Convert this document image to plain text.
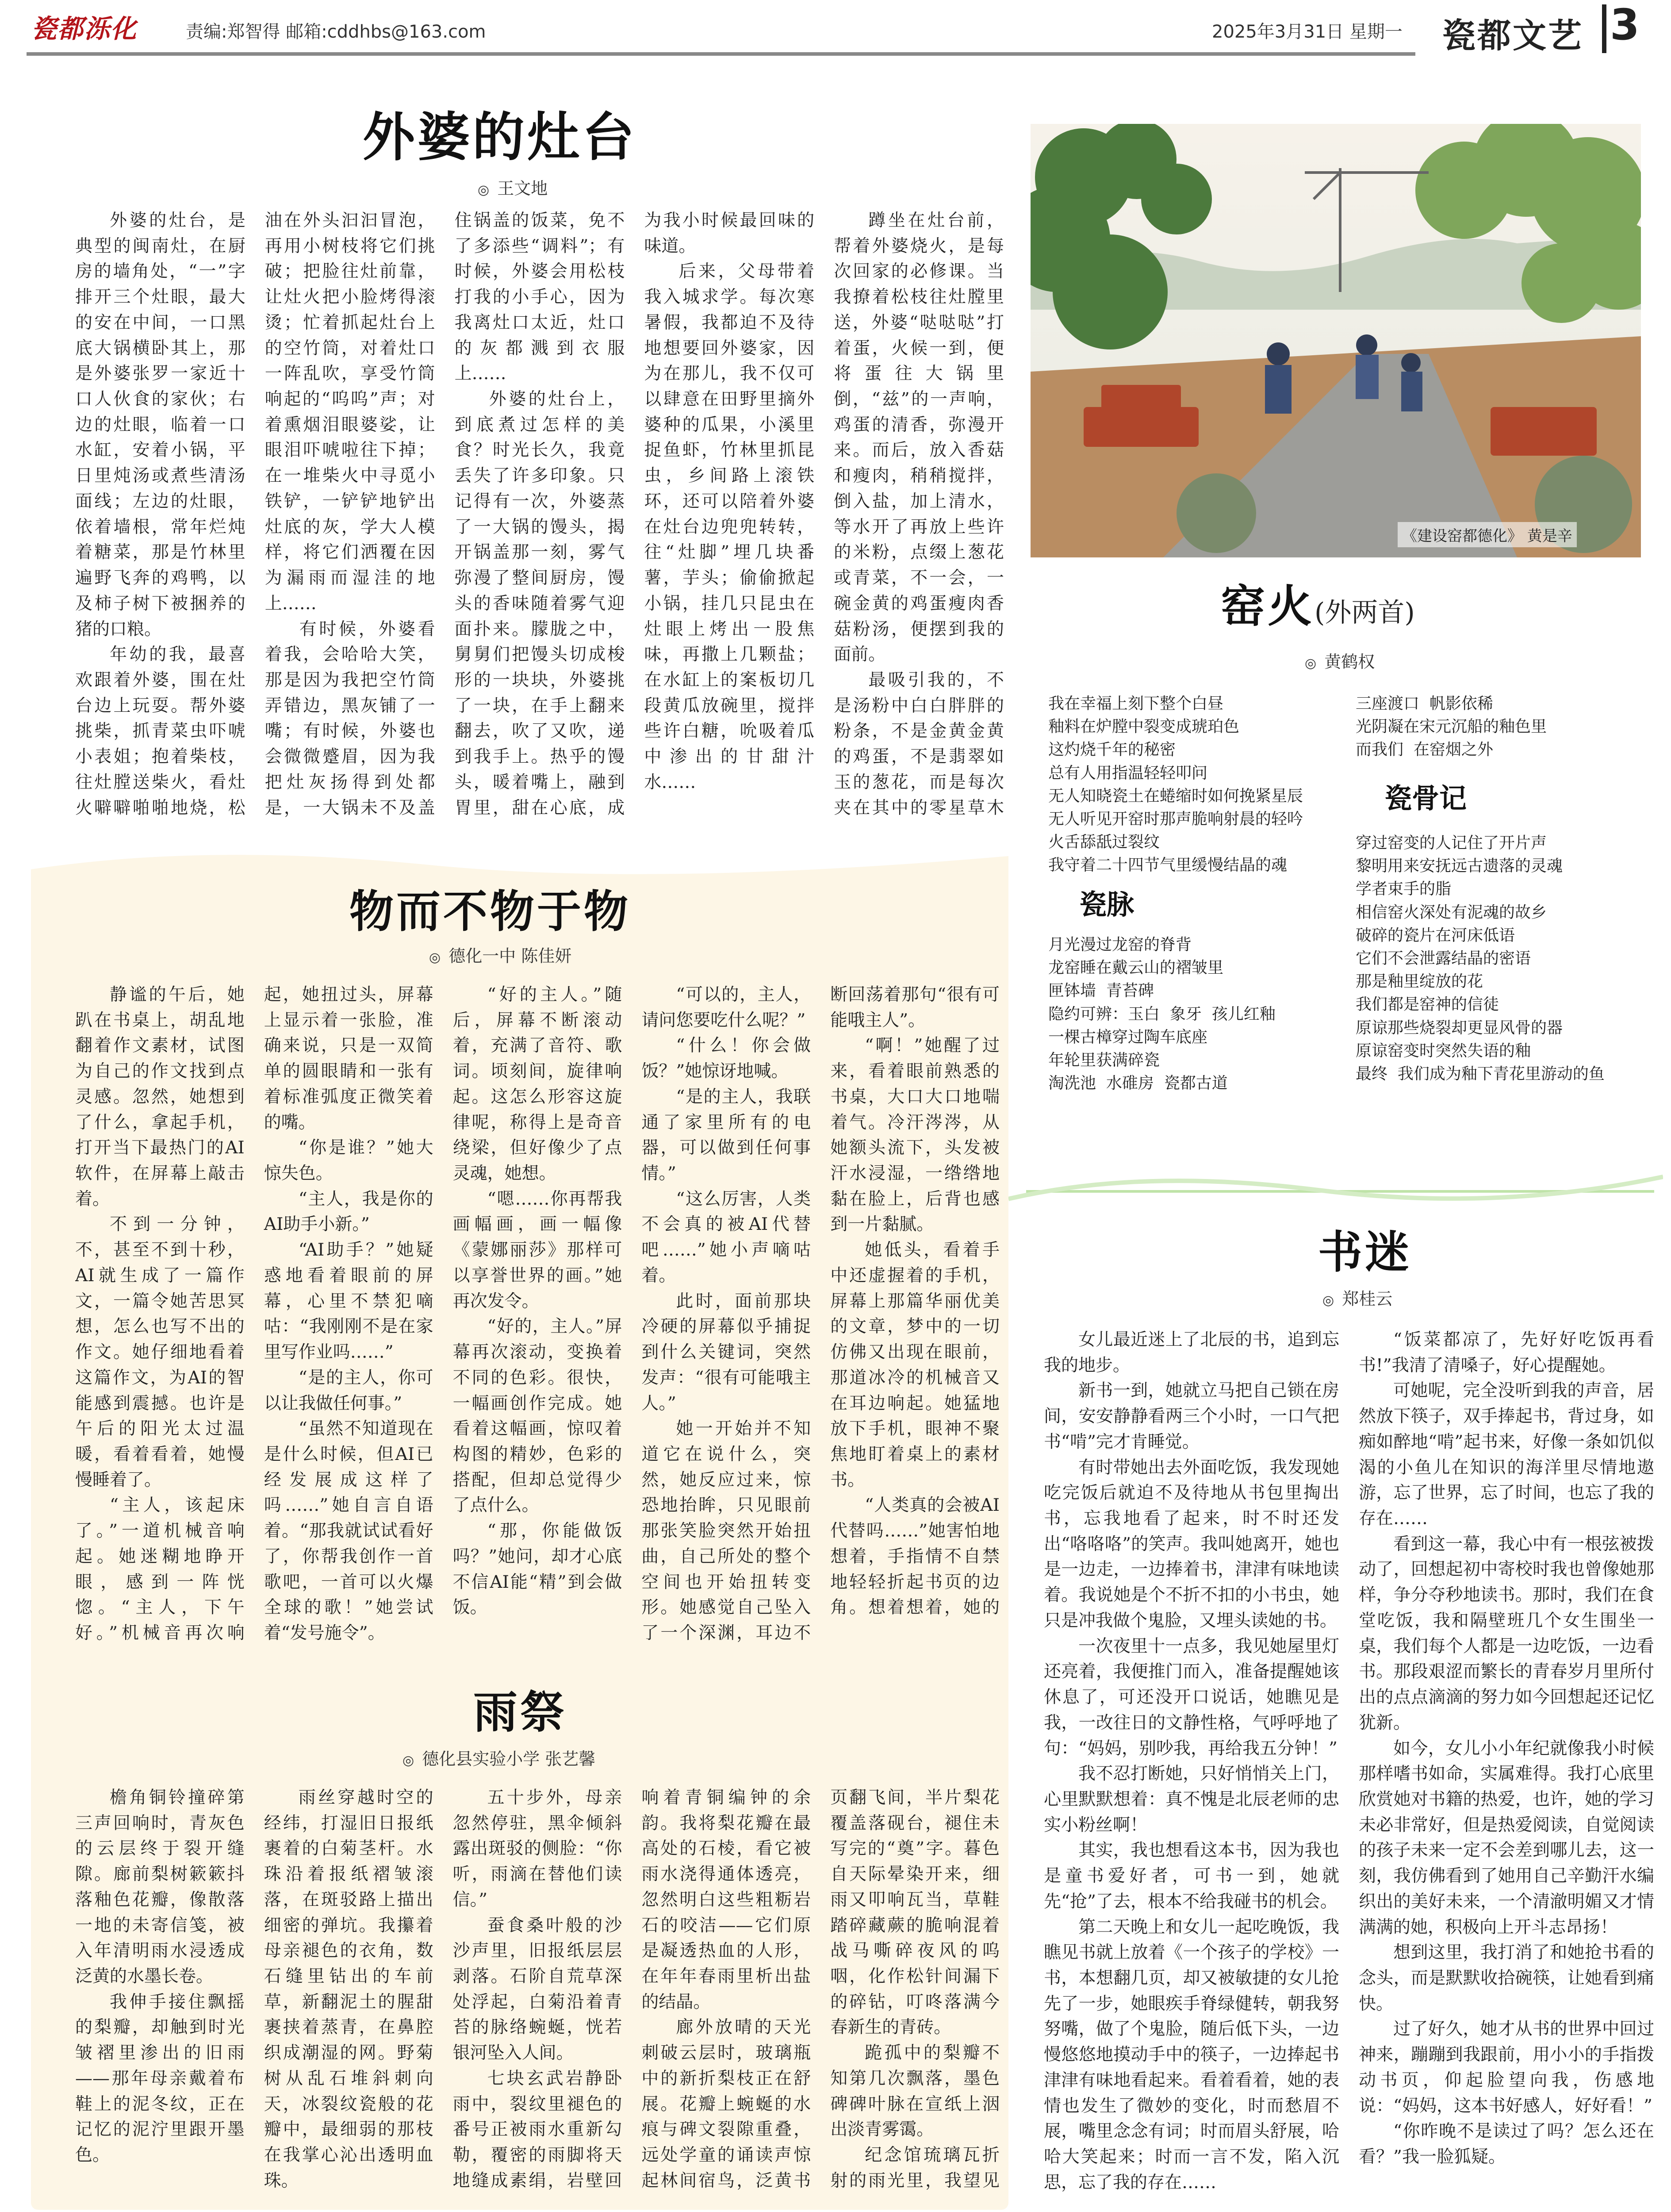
瓷都泺化	责编:郑智得 邮箱:cddhbs@163.com	2025年3月31日 星期一 瓷都文艺 3
外婆的灶台
◎ 王文地

外婆的灶台，是典型的闽南灶，在厨房的墙角处，“一”字排开三个灶眼，最大的安在中间，一口黑底大锅横卧其上，那是外婆张罗一家近十口人伙食的家伙；右边的灶眼，临着一口水缸，安着小锅，平日里炖汤或煮些清汤面线；左边的灶眼，依着墙根，常年烂炖着糖菜，那是竹林里遍野飞奔的鸡鸭，以及柿子树下被捆养的猪的口粮。

年幼的我，最喜欢跟着外婆，围在灶台边上玩耍。帮外婆挑柴，抓青菜虫吓唬小表姐；抱着柴枝，往灶膛送柴火，看灶火噼噼啪啪地烧，松油在外头汩汩冒泡，再用小树枝将它们挑破；把脸往灶前靠，让灶火把小脸烤得滚烫；忙着抓起灶台上的空竹筒，对着灶口一阵乱吹，享受竹筒响起的“呜呜”声；对着熏烟泪眼婆娑，让眼泪吓唬啦往下掉；在一堆柴火中寻觅小铁铲，一铲铲地铲出灶底的灰，学大人模样，将它们洒覆在因为漏雨而湿洼的地上……

有时候，外婆看着我，会哈哈大笑，那是因为我把空竹筒弄错边，黑灰铺了一嘴；有时候，外婆也会微微蹙眉，因为我把灶灰扬得到处都是，一大锅未不及盖住锅盖的饭菜，免不了多添些“调料”；有时候，外婆会用松枝打我的小手心，因为我离灶口太近，灶口的灰都溅到衣服上……

外婆的灶台上，到底煮过怎样的美食？时光长久，我竟丢失了许多印象。只记得有一次，外婆蒸了一大锅的馒头，揭开锅盖那一刻，雾气弥漫了整间厨房，馒头的香味随着雾气迎面扑来。朦胧之中，舅舅们把馒头切成梭形的一块块，外婆挑了一块，在手上翻来翻去，吹了又吹，递到我手上。热乎的馒头，暖着嘴上，融到胃里，甜在心底，成为我小时候最回味的味道。

后来，父母带着我入城求学。每次寒暑假，我都迫不及待地想要回外婆家，因为在那儿，我不仅可以肆意在田野里摘外婆种的瓜果，小溪里捉鱼虾，竹林里抓昆虫，乡间路上滚铁环，还可以陪着外婆在灶台边兜兜转转，往“灶脚”埋几块番薯，芋头；偷偷掀起小锅，挂几只昆虫在灶眼上烤出一股焦味，再撒上几颗盐；在水缸上的案板切几段黄瓜放碗里，搅拌些许白糖，吮吸着瓜中渗出的甘甜汁水……

蹲坐在灶台前，帮着外婆烧火，是每次回家的必修课。当我撩着松枝往灶膛里送，外婆“哒哒哒”打着蛋，火候一到，便将蛋往大锅里倒，“兹”的一声响，鸡蛋的清香，弥漫开来。而后，放入香菇和瘦肉，稍稍搅拌，倒入盐，加上清水，等水开了再放上些许的米粉，点缀上葱花或青菜，不一会，一碗金黄的鸡蛋瘦肉香菇粉汤，便摆到我的面前。

最吸引我的，不是汤粉中白白胖胖的粉条，不是金黄金黄的鸡蛋，不是翡翠如玉的葱花，而是每次夹在其中的零星草木

《建设窑都德化》 黄是辛
窑火(外两首)
◎ 黄鹤权
我在幸福上刻下整个白昼
釉料在炉膛中裂变成琥珀色
这灼烧千年的秘密
总有人用指温轻轻叩问
无人知晓瓷土在蜷缩时如何挽紧星辰
无人听见开窑时那声脆响射晨的轻吟
火舌舔舐过裂纹
我守着二十四节气里缓慢结晶的魂
三座渡口  帆影依稀
光阴凝在宋元沉船的釉色里
而我们  在窑烟之外
瓷骨记
穿过窑变的人记住了开片声
黎明用来安抚远古遗落的灵魂
学者束手的脂
相信窑火深处有泥魂的故乡
破碎的瓷片在河床低语
它们不会泄露结晶的密语
那是釉里绽放的花
我们都是窑神的信徒
原谅那些烧裂却更显风骨的器
原谅窑变时突然失语的釉
最终  我们成为釉下青花里游动的鱼
瓷脉
月光漫过龙窑的脊背
龙窑睡在戴云山的褶皱里
匣钵墙  青苔碑
隐约可辨：玉白  象牙  孩儿红釉
一棵古樟穿过陶车底座
年轮里获满碎瓷
淘洗池  水碓房  瓷都古道
物而不物于物
◎ 德化一中 陈佳妍

静谧的午后，她趴在书桌上，胡乱地翻着作文素材，试图为自己的作文找到点灵感。忽然，她想到了什么，拿起手机，打开当下最热门的AI软件，在屏幕上敲击着。

不到一分钟，不，甚至不到十秒，AI就生成了一篇作文，一篇令她苦思冥想，怎么也写不出的作文。她仔细地看着这篇作文，为AI的智能感到震撼。也许是午后的阳光太过温暖，看着看着，她慢慢睡着了。

“主人，该起床了。”一道机械音响起。她迷糊地睁开眼，感到一阵恍惚。“主人，下午好。”机械音再次响起，她扭过头，屏幕上显示着一张脸，准确来说，只是一双简单的圆眼睛和一张有着标准弧度正微笑着的嘴。

“你是谁？”她大惊失色。

“主人，我是你的AI助手小新。”

“AI助手？”她疑惑地看着眼前的屏幕，心里不禁犯嘀咕：“我刚刚不是在家里写作业吗……”

“是的主人，你可以让我做任何事。”

“虽然不知道现在是什么时候，但AI已经发展成这样了吗……”她自言自语着。“那我就试试看好了，你帮我创作一首歌吧，一首可以火爆全球的歌！”她尝试着“发号施令”。

“好的主人。”随后，屏幕不断滚动着，充满了音符、歌词。顷刻间，旋律响起。这怎么形容这旋律呢，称得上是奇音绕梁，但好像少了点灵魂，她想。

“嗯……你再帮我画幅画，画一幅像《蒙娜丽莎》那样可以享誉世界的画。”她再次发令。

“好的，主人。”屏幕再次滚动，变换着不同的色彩。很快，一幅画创作完成。她看着这幅画，惊叹着构图的精妙，色彩的搭配，但却总觉得少了点什么。

“那，你能做饭吗？”她问，却才心底不信AI能“精”到会做饭。

“可以的，主人，请问您要吃什么呢？”

“什么！你会做饭？”她惊讶地喊。

“是的主人，我联通了家里所有的电器，可以做到任何事情。”

“这么厉害，人类不会真的被AI代替吧……”她小声嘀咕着。

此时，面前那块冷硬的屏幕似乎捕捉到什么关键词，突然发声：“很有可能哦主人。”

她一开始并不知道它在说什么，突然，她反应过来，惊恐地抬眸，只见眼前那张笑脸突然开始扭曲，自己所处的整个空间也开始扭转变形。她感觉自己坠入了一个深渊，耳边不断回荡着那句“很有可能哦主人”。

“啊！”她醒了过来，看着眼前熟悉的书桌，大口大口地喘着气。冷汗涔涔，从她额头流下，头发被汗水浸湿，一绺绺地黏在脸上，后背也感到一片黏腻。

她低头，看着手中还虚握着的手机，屏幕上那篇华丽优美的文章，梦中的一切仿佛又出现在眼前，那道冰冷的机械音又在耳边响起。她猛地放下手机，眼神不聚焦地盯着桌上的素材书。

“人类真的会被AI代替吗……”她害怕地想着，手指情不自禁地轻轻折起书页的边角。想着想着，她的

雨祭
◎ 德化县实验小学 张艺馨

檐角铜铃撞碎第三声回响时，青灰色的云层终于裂开缝隙。廊前梨树簌簌抖落釉色花瓣，像散落一地的未寄信笺，被入年清明雨水浸透成泛黄的水墨长卷。

我伸手接住飘摇的梨瓣，却触到时光皱褶里渗出的旧雨——那年母亲戴着布鞋上的泥冬纹，正在记忆的泥泞里跟开墨色。

雨丝穿越时空的经纬，打湿旧日报纸裹着的白菊茎杆。水珠沿着报纸褶皱滚落，在斑驳路上描出细密的弹坑。我攥着母亲褪色的衣角，数石缝里钻出的车前草，新翻泥土的腥甜裹挟着蒸青，在鼻腔织成潮湿的网。野菊树从乱石堆斜刺向天，冰裂纹瓷般的花瓣中，最细弱的那枝在我掌心沁出透明血珠。

五十步外，母亲忽然停驻，黑伞倾斜露出斑驳的侧脸：“你听，雨滴在替他们读信。”

蚕食桑叶般的沙沙声里，旧报纸层层剥落。石阶自荒草深处浮起，白菊沿着青苔的脉络蜿蜒，恍若银河坠入人间。

七块玄武岩静卧雨中，裂纹里褪色的番号正被雨水重新勾勒，覆密的雨脚将天地缝成素绢，岩壁回响着青铜编钟的余韵。我将梨花瓣在最高处的石棱，看它被雨水浇得通体透亮，忽然明白这些粗粝岩石的咬洁——它们原是凝透热血的人形，在年年春雨里析出盐的结晶。

廊外放晴的天光刺破云层时，玻璃瓶中的新折梨枝正在舒展。花瓣上蜿蜒的水痕与碑文裂隙重叠，远处学童的诵读声惊起林间宿鸟，泛黄书页翻飞间，半片梨花覆盖落砚台，褪住未写完的“奠”字。暮色自天际晕染开来，细雨又叩响瓦当，草鞋踏碎藏蕨的脆响混着战马嘶碎夜风的呜咽，化作松针间漏下的碎钻，叮咚落满今春新生的青砖。

跪孤中的梨瓣不知第几次飘落，墨色碑碑叶脉在宣纸上洇出淡青雾霭。

纪念馆琉璃瓦折射的雨光里，我望见

书迷
◎ 郑桂云

女儿最近迷上了北辰的书，追到忘我的地步。

新书一到，她就立马把自己锁在房间，安安静静看两三个小时，一口气把书“啃”完才肯睡觉。

有时带她出去外面吃饭，我发现她吃完饭后就迫不及待地从书包里掏出书，忘我地看了起来，时不时还发出“咯咯咯”的笑声。我叫她离开，她也是一边走，一边捧着书，津津有味地读着。我说她是个不折不扣的小书虫，她只是冲我做个鬼脸，又埋头读她的书。

一次夜里十一点多，我见她屋里灯还亮着，我便推门而入，准备提醒她该休息了，可还没开口说话，她瞧见是我，一改往日的文静性格，气呼呼地了句：“妈妈，别吵我，再给我五分钟！”

我不忍打断她，只好悄悄关上门，心里默默想着：真不愧是北辰老师的忠实小粉丝啊！

其实，我也想看这本书，因为我也是童书爱好者，可书一到，她就先“抢”了去，根本不给我碰书的机会。

第二天晚上和女儿一起吃晚饭，我瞧见书就上放着《一个孩子的学校》一书，本想翻几页，却又被敏捷的女儿抢先了一步，她眼疾手脊绿健转，朝我努努嘴，做了个鬼脸，随后低下头，一边慢悠悠地摸动手中的筷子，一边捧起书津津有味地看起来。看着看着，她的表情也发生了微妙的变化，时而愁眉不展，嘴里念念有词；时而眉头舒展，哈哈大笑起来；时而一言不发，陷入沉思，忘了我的存在……

“饭菜都凉了，先好好吃饭再看书!”我清了清嗓子，好心提醒她。

可她呢，完全没听到我的声音，居然放下筷子，双手捧起书，背过身，如痴如醉地“啃”起书来，好像一条如饥似渴的小鱼儿在知识的海洋里尽情地遨游，忘了世界，忘了时间，也忘了我的存在……

看到这一幕，我心中有一根弦被拨动了，回想起初中寄校时我也曾像她那样，争分夺秒地读书。那时，我们在食堂吃饭，我和隔壁班几个女生围坐一桌，我们每个人都是一边吃饭，一边看书。那段艰涩而繁长的青春岁月里所付出的点点滴滴的努力如今回想起还记忆犹新。

如今，女儿小小年纪就像我小时候那样嗜书如命，实属难得。我打心底里欣赏她对书籍的热爱，也许，她的学习未必非常好，但是热爱阅读，自觉阅读的孩子未来一定不会差到哪儿去，这一刻，我仿佛看到了她用自己辛勤汗水编织出的美好未来，一个清澈明媚又才情满满的她，积极向上开斗志昂扬！

想到这里，我打消了和她抢书看的念头，而是默默收拾碗筷，让她看到痛快。

过了好久，她才从书的世界中回过神来，蹦蹦到我跟前，用小小的手指拨动书页，仰起脸望向我，伤感地说：“妈妈，这本书好感人，好好看！”

“你昨晚不是读过了吗？怎么还在看？”我一脸狐疑。
